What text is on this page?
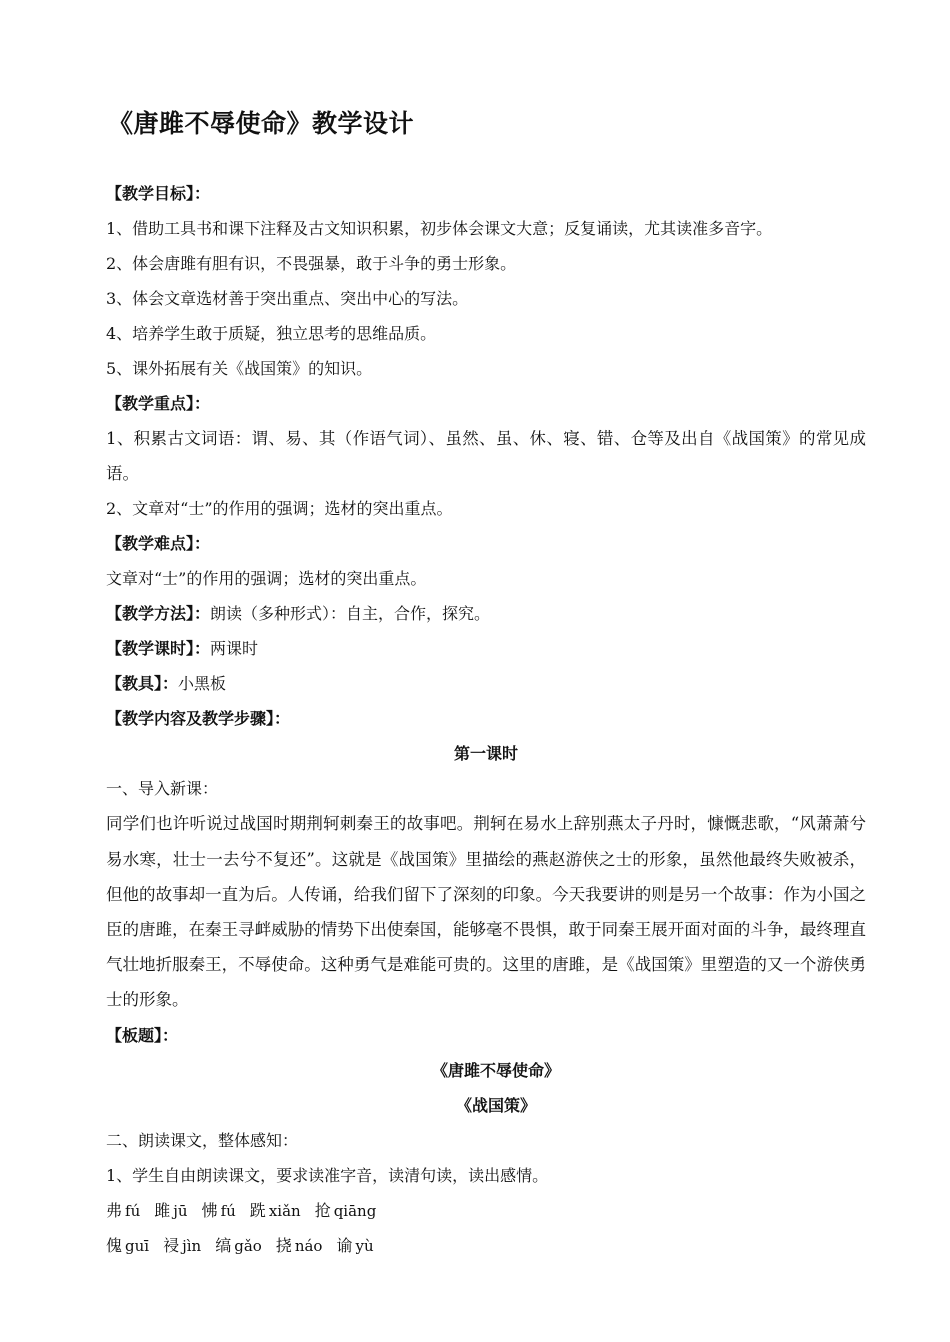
《唐雎不辱使命》教学设计
【教学目标】：
1、借助工具书和课下注释及古文知识积累，初步体会课文大意；反复诵读，尤其读准多音字。
2、体会唐雎有胆有识，不畏强暴，敢于斗争的勇士形象。
3、体会文章选材善于突出重点、突出中心的写法。
4、培养学生敢于质疑，独立思考的思维品质。
5、课外拓展有关《战国策》的知识。
【教学重点】：
1、积累古文词语：谓、易、其（作语气词）、虽然、虽、休、寝、错、仓等及出自《战国策》的常见成语。
2、文章对“士”的作用的强调；选材的突出重点。
【教学难点】：
文章对“士”的作用的强调；选材的突出重点。
【教学方法】：朗读（多种形式）：自主，合作，探究。
【教学课时】：两课时
【教具】：小黑板
【教学内容及教学步骤】：
第一课时
一、导入新课：
同学们也许听说过战国时期荆轲刺秦王的故事吧。荆轲在易水上辞别燕太子丹时，慷慨悲歌，“风萧萧兮易水寒，壮士一去兮不复还”。这就是《战国策》里描绘的燕赵游侠之士的形象，虽然他最终失败被杀，但他的故事却一直为后。人传诵，给我们留下了深刻的印象。今天我要讲的则是另一个故事：作为小国之臣的唐雎，在秦王寻衅威胁的情势下出使秦国，能够毫不畏惧，敢于同秦王展开面对面的斗争，最终理直气壮地折服秦王，不辱使命。这种勇气是难能可贵的。这里的唐雎，是《战国策》里塑造的又一个游侠勇士的形象。
【板题】：
《唐雎不辱使命》
《战国策》
二、朗读课文，整体感知：
1、学生自由朗读课文，要求读准字音，读清句读，读出感情。
弗 fú 雎 jū 怫 fú 跣 xiǎn 抢 qiāng
傀 guī 祲 jìn 缟 gǎo 挠 náo 谕 yù
